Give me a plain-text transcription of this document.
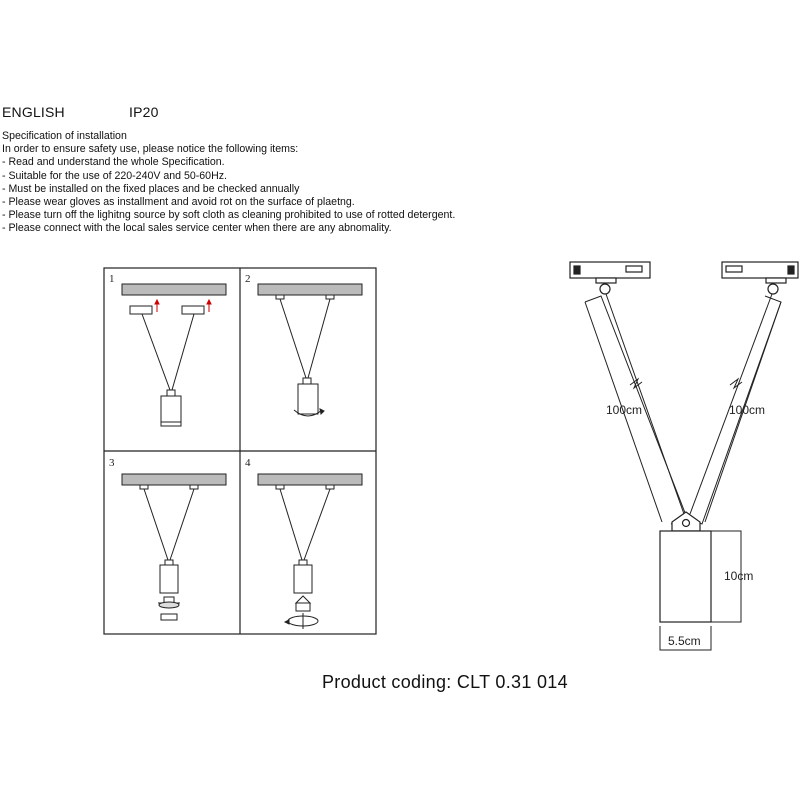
ENGLISH	IP20
Specification of installation
In order to ensure safety use, please notice the following items:
- Read and understand the whole Specification.
- Suitable for the use of 220-240V and 50-60Hz.
- Must be installed on the fixed places and be checked annually
- Please wear gloves as installment and avoid rot on the surface of plaetng.
- Please turn off the lighitng source by soft cloth as cleaning prohibited to use of rotted detergent.
- Please connect with the local sales service center when there are any abnomality.
1	2
3	4
100cm	100cm
10cm
5.5cm
Product coding: CLT 0.31 014
